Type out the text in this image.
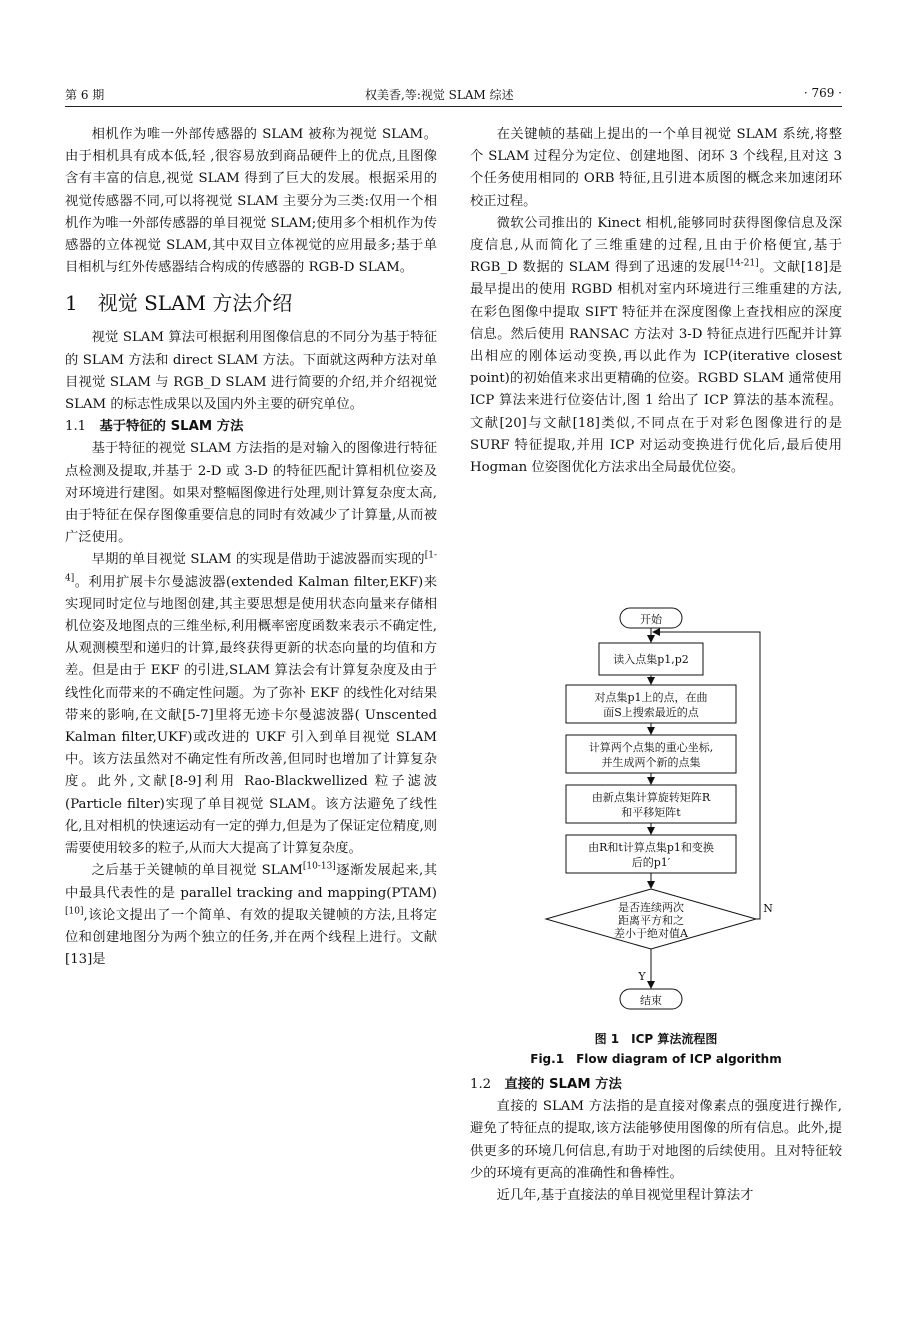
第 6 期	权美香,等:视觉 SLAM 综述	· 769 ·

相机作为唯一外部传感器的 SLAM 被称为视觉 SLAM。由于相机具有成本低,轻 ,很容易放到商品硬件上的优点,且图像含有丰富的信息,视觉 SLAM 得到了巨大的发展。根据采用的视觉传感器不同,可以将视觉 SLAM 主要分为三类:仅用一个相机作为唯一外部传感器的单目视觉 SLAM;使用多个相机作为传感器的立体视觉 SLAM,其中双目立体视觉的应用最多;基于单目相机与红外传感器结合构成的传感器的 RGB-D SLAM。

1　视觉 SLAM 方法介绍

视觉 SLAM 算法可根据利用图像信息的不同分为基于特征的 SLAM 方法和 direct SLAM 方法。下面就这两种方法对单目视觉 SLAM 与 RGB_D SLAM 进行简要的介绍,并介绍视觉 SLAM 的标志性成果以及国内外主要的研究单位。

1.1　 基于特征的 SLAM 方法

基于特征的视觉 SLAM 方法指的是对输入的图像进行特征点检测及提取,并基于 2-D 或 3-D 的特征匹配计算相机位姿及对环境进行建图。如果对整幅图像进行处理,则计算复杂度太高,由于特征在保存图像重要信息的同时有效减少了计算量,从而被广泛使用。

早期的单目视觉 SLAM 的实现是借助于滤波器而实现的[1-4]。利用扩展卡尔曼滤波器(extended Kalman filter,EKF)来实现同时定位与地图创建,其主要思想是使用状态向量来存储相机位姿及地图点的三维坐标,利用概率密度函数来表示不确定性,从观测模型和递归的计算,最终获得更新的状态向量的均值和方差。但是由于 EKF 的引进,SLAM 算法会有计算复杂度及由于线性化而带来的不确定性问题。为了弥补 EKF 的线性化对结果带来的影响,在文献[5-7]里将无迹卡尔曼滤波器( Unscented Kalman filter,UKF)或改进的 UKF 引入到单目视觉 SLAM 中。该方法虽然对不确定性有所改善,但同时也增加了计算复杂度。此外,文献[8-9]利用 Rao-Blackwellized 粒子滤波(Particle filter)实现了单目视觉 SLAM。该方法避免了线性化,且对相机的快速运动有一定的弹力,但是为了保证定位精度,则需要使用较多的粒子,从而大大提高了计算复杂度。

之后基于关键帧的单目视觉 SLAM[10-13]逐渐发展起来,其中最具代表性的是 parallel tracking and mapping(PTAM)[10],该论文提出了一个简单、有效的提取关键帧的方法,且将定位和创建地图分为两个独立的任务,并在两个线程上进行。文献[13]是

在关键帧的基础上提出的一个单目视觉 SLAM 系统,将整个 SLAM 过程分为定位、创建地图、闭环 3 个线程,且对这 3 个任务使用相同的 ORB 特征,且引进本质图的概念来加速闭环校正过程。

微软公司推出的 Kinect 相机,能够同时获得图像信息及深度信息,从而简化了三维重建的过程,且由于价格便宜,基于 RGB_D 数据的 SLAM 得到了迅速的发展[14-21]。文献[18]是最早提出的使用 RGBD 相机对室内环境进行三维重建的方法,在彩色图像中提取 SIFT 特征并在深度图像上查找相应的深度信息。然后使用 RANSAC 方法对 3-D 特征点进行匹配并计算出相应的刚体运动变换,再以此作为 ICP(iterative closest point)的初始值来求出更精确的位姿。RGBD SLAM 通常使用 ICP 算法来进行位姿估计,图 1 给出了 ICP 算法的基本流程。文献[20]与文献[18]类似,不同点在于对彩色图像进行的是 SURF 特征提取,并用 ICP 对运动变换进行优化后,最后使用 Hogman 位姿图优化方法求出全局最优位姿。

开始
读入点集p1,p2
对点集p1上的点，在曲
面S上搜索最近的点
计算两个点集的重心坐标,
并生成两个新的点集
由新点集计算旋转矩阵R
和平移矩阵t
由R和t计算点集p1和变换
后的p1′
是否连续两次
距离平方和之
差小于绝对值A
N
Y
结束
图 1　 ICP 算法流程图
Fig.1　 Flow diagram of ICP algorithm
1.2　 直接的 SLAM 方法

直接的 SLAM 方法指的是直接对像素点的强度进行操作,避免了特征点的提取,该方法能够使用图像的所有信息。此外,提供更多的环境几何信息,有助于对地图的后续使用。且对特征较少的环境有更高的准确性和鲁棒性。

近几年,基于直接法的单目视觉里程计算法才
